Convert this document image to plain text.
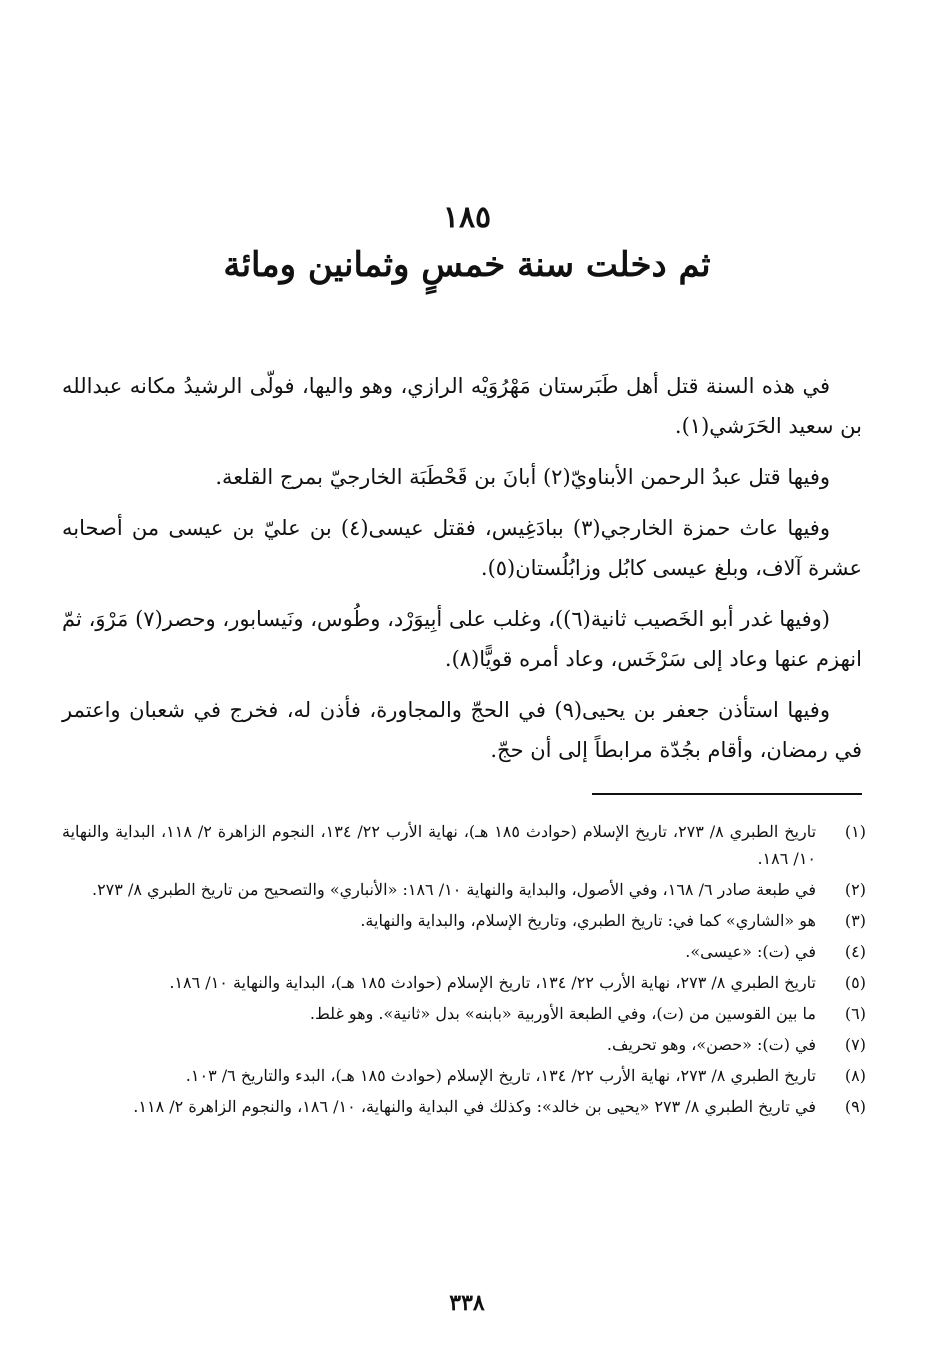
١٨٥
ثم دخلت سنة خمسٍ وثمانين ومائة

في هذه السنة قتل أهل طَبَرستان مَهْرُوَيْه الرازي، وهو واليها، فولّى الرشيدُ مكانه عبدالله بن سعيد الحَرَشي(١).

وفيها قتل عبدُ الرحمن الأبناويّ(٢) أبانَ بن قَحْطَبَة الخارجيّ بمرج القلعة.

وفيها عاث حمزة الخارجي(٣) ببادَغِيس، فقتل عيسى(٤) بن عليّ بن عيسى من أصحابه عشرة آلاف، وبلغ عيسى كابُل وزابُلُستان(٥).

(وفيها غدر أبو الخَصيب ثانية(٦))، وغلب على أبِيوَرْد، وطُوس، ونَيسابور، وحصر(٧) مَرْوَ، ثمّ انهزم عنها وعاد إلى سَرْخَس، وعاد أمره قويًّا(٨).

وفيها استأذن جعفر بن يحيى(٩) في الحجّ والمجاورة، فأذن له، فخرج في شعبان واعتمر في رمضان، وأقام بجُدّة مرابطاً إلى أن حجّ.

(١)
تاريخ الطبري ٨/ ٢٧٣، تاريخ الإسلام (حوادث ١٨٥ هـ)، نهاية الأرب ٢٢/ ١٣٤، النجوم الزاهرة ٢/ ١١٨، البداية والنهاية ١٠/ ١٨٦.
(٢)
في طبعة صادر ٦/ ١٦٨، وفي الأصول، والبداية والنهاية ١٠/ ١٨٦: «الأنباري» والتصحيح من تاريخ الطبري ٨/ ٢٧٣.
(٣)
هو «الشاري» كما في: تاريخ الطبري، وتاريخ الإسلام، والبداية والنهاية.
(٤)
في (ت): «عيسى».
(٥)
تاريخ الطبري ٨/ ٢٧٣، نهاية الأرب ٢٢/ ١٣٤، تاريخ الإسلام (حوادث ١٨٥ هـ)، البداية والنهاية ١٠/ ١٨٦.
(٦)
ما بين القوسين من (ت)، وفي الطبعة الأوربية «بابنه» بدل «ثانية». وهو غلط.
(٧)
في (ت): «حصن»، وهو تحريف.
(٨)
تاريخ الطبري ٨/ ٢٧٣، نهاية الأرب ٢٢/ ١٣٤، تاريخ الإسلام (حوادث ١٨٥ هـ)، البدء والتاريخ ٦/ ١٠٣.
(٩)
في تاريخ الطبري ٨/ ٢٧٣ «يحيى بن خالد»: وكذلك في البداية والنهاية، ١٠/ ١٨٦، والنجوم الزاهرة ٢/ ١١٨.
٣٣٨
